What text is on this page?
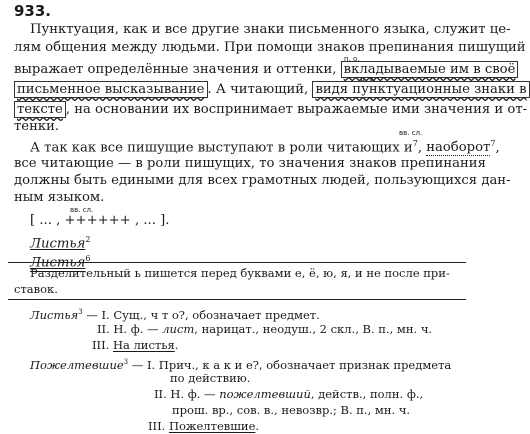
933.
Пунктуация, как и все другие знаки письменного языка, служит це-
лям общения между людьми. При помощи знаков препинания пишущий
п. о.
выражает определённые значения и оттенки, вкладываемые им в своё
письменное высказывание . А читающий, видя пунктуационные знаки в
д. о.
тексте , на основании их воспринимает выражаемые ими значения и от-
тенки.	вв. сл.
А так как все пишущие выступают в роли читающих $и^7$, наоборот$^7$,
все читающие — в роли пишущих, то значения знаков препинания
должны быть едиными для всех грамотных людей, пользующихся дан-
ным языком.
вв. сл.
[ ... , ++++++ , ... ].
Листья$^2$
Листья$^6$
Разделительный ь пишется перед буквами е, ё, ю, я, и не после при-
ставок.
Листья$^3$ — I. Сущ., ч т о?, обозначает предмет.
II. Н. ф. — лист, нарицат., неодуш., 2 скл., В. п., мн. ч.
III. На листья.
Пожелтевшие$^3$ — I. Прич., к а к и е?, обозначает признак предмета
по действию.
II. Н. ф. — пожелтевший, действ., полн. ф.,
прош. вр., сов. в., невозвр.; В. п., мн. ч.
III. Пожелтевшие.
